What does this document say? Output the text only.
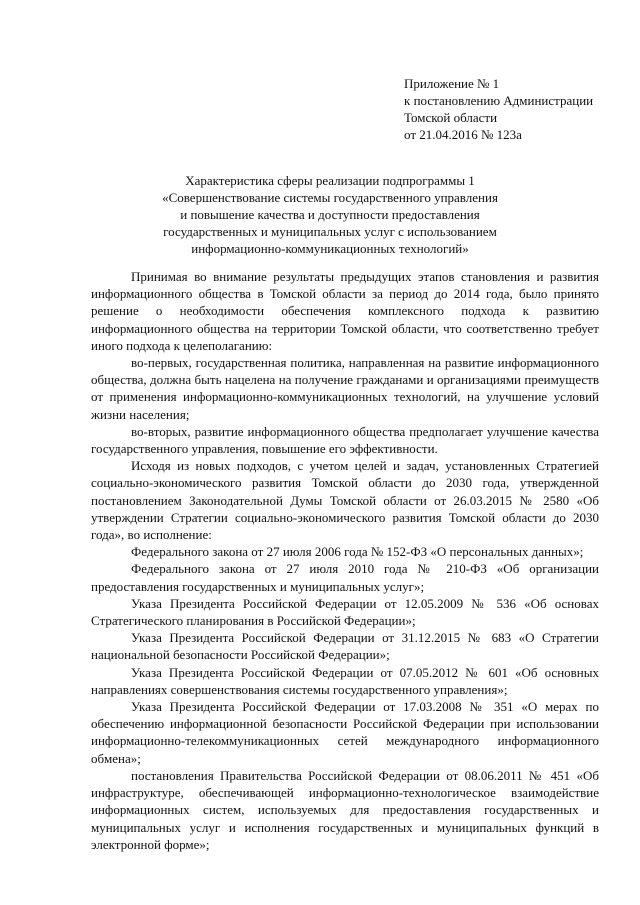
Приложение № 1
к постановлению Администрации
Томской области
от 21.04.2016 № 123а
Характеристика сферы реализации подпрограммы 1
«Совершенствование системы государственного управления
и повышение качества и доступности предоставления
государственных и муниципальных услуг с использованием
информационно-коммуникационных технологий»

Принимая во внимание результаты предыдущих этапов становления и развития информационного общества в Томской области за период до 2014 года, было принято решение о необходимости обеспечения комплексного подхода к развитию информационного общества на территории Томской области, что соответственно требует иного подхода к целеполаганию:

во-первых, государственная политика, направленная на развитие информационного общества, должна быть нацелена на получение гражданами и организациями преимуществ от применения информационно-коммуникационных технологий, на улучшение условий жизни населения;

во-вторых, развитие информационного общества предполагает улучшение качества государственного управления, повышение его эффективности.

Исходя из новых подходов, с учетом целей и задач, установленных Стратегией социально-экономического развития Томской области до 2030 года, утвержденной постановлением Законодательной Думы Томской области от 26.03.2015 № 2580 «Об утверждении Стратегии социально-экономического развития Томской области до 2030 года», во исполнение:

Федерального закона от 27 июля 2006 года № 152-ФЗ «О персональных данных»;

Федерального закона от 27 июля 2010 года № 210-ФЗ «Об организации предоставления государственных и муниципальных услуг»;

Указа Президента Российской Федерации от 12.05.2009 № 536 «Об основах Стратегического планирования в Российской Федерации»;

Указа Президента Российской Федерации от 31.12.2015 № 683 «О Стратегии национальной безопасности Российской Федерации»;

Указа Президента Российской Федерации от 07.05.2012 № 601 «Об основных направлениях совершенствования системы государственного управления»;

Указа Президента Российской Федерации от 17.03.2008 № 351 «О мерах по обеспечению информационной безопасности Российской Федерации при использовании информационно-телекоммуникационных сетей международного информационного обмена»;

постановления Правительства Российской Федерации от 08.06.2011 № 451 «Об инфраструктуре, обеспечивающей информационно-технологическое взаимодействие информационных систем, используемых для предоставления государственных и муниципальных услуг и исполнения государственных и муниципальных функций в электронной форме»;
